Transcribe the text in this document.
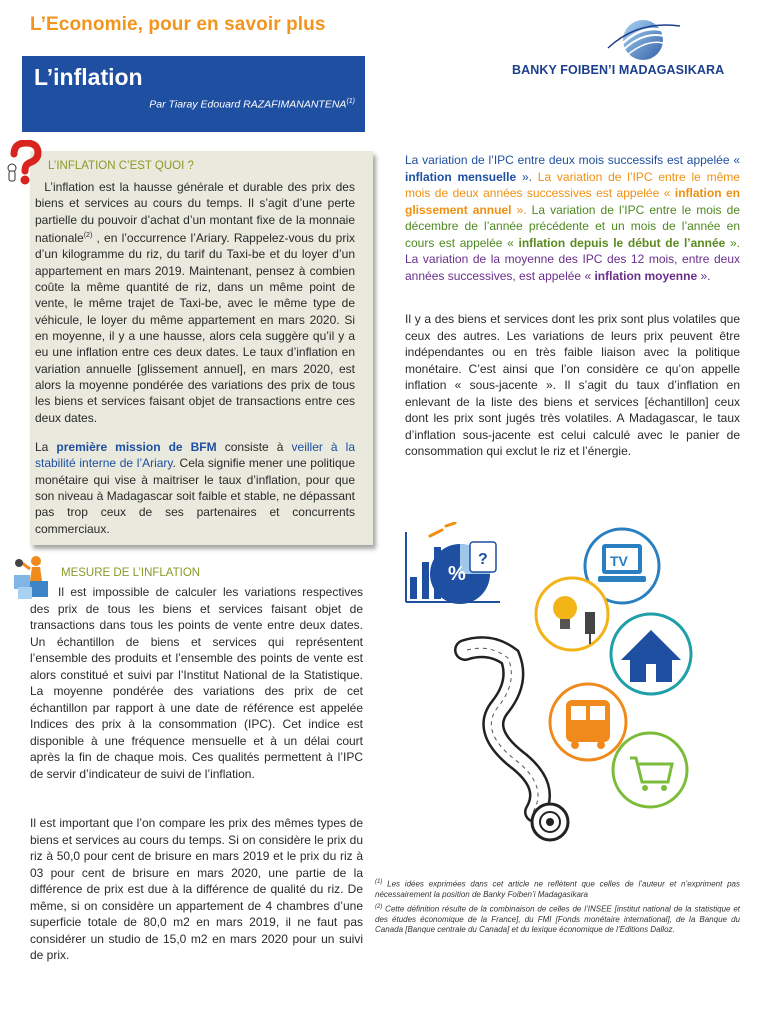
L’Economie, pour en savoir plus
L’inflation
Par Tiaray Edouard RAZAFIMANANTENA$^{(1)}$
BANKY FOIBEN’I MADAGASIKARA
L’INFLATION C’EST QUOI ?
L’inflation est la hausse générale et durable des prix des biens et services au cours du temps. Il s’agit d’une perte partielle du pouvoir d’achat d’un montant fixe de la monnaie nationale$^{(2)}$ , en l’occurrence l’Ariary. Rappelez-vous du prix d’un kilogramme du riz, du tarif du Taxi-be et du loyer d’un appartement en mars 2019. Maintenant, pensez à combien coûte la même quantité de riz, dans un même point de vente, le même trajet de Taxi-be, avec le même type de véhicule, le loyer du même appartement en mars 2020. Si en moyenne, il y a une hausse, alors cela suggère qu’il y a eu une inflation entre ces deux dates. Le taux d’inflation en variation annuelle [glissement annuel], en mars 2020, est alors la moyenne pondérée des variations des prix de tous les biens et services faisant objet de transactions entre ces deux dates.
La première mission de BFM consiste à veiller à la stabilité interne de l’Ariary. Cela signifie mener une politique monétaire qui vise à maitriser le taux d’inflation, pour que son niveau à Madagascar soit faible et stable, ne dépassant pas trop ceux de ses partenaires et concurrents commerciaux.
MESURE DE L’INFLATION
Il est impossible de calculer les variations respectives des prix de tous les biens et services faisant objet de transactions dans tous les points de vente entre deux dates. Un échantillon de biens et services qui représentent l’ensemble des produits et l’ensemble des points de vente est alors constitué et suivi par l’Institut National de la Statistique. La moyenne pondérée des variations des prix de cet échantillon par rapport à une date de référence est appelée Indices des prix à la consommation (IPC). Cet indice est disponible à une fréquence mensuelle et à un délai court après la fin de chaque mois. Ces qualités permettent à l’IPC de servir d’indicateur de suivi de l’inflation.
Il est important que l’on compare les prix des mêmes types de biens et services au cours du temps. Si on considère le prix du riz à 50,0 pour cent de brisure en mars 2019 et le prix du riz à 03 pour cent de brisure en mars 2020, une partie de la différence de prix est due à la différence de qualité du riz. De même, si on considère un appartement de 4 chambres d’une superficie totale de 80,0 m2 en mars 2019, il ne faut pas considérer un studio de 15,0 m2 en mars 2020 pour un suivi de prix.
La variation de l’IPC entre deux mois successifs est appelée « inflation mensuelle ». La variation de l’IPC entre le même mois de deux années successives est appelée « inflation en glissement annuel ». La variation de l’IPC entre le mois de décembre de l’année précédente et un mois de l’année en cours est appelée « inflation depuis le début de l’année ». La variation de la moyenne des IPC des 12 mois, entre deux années successives, est appelée « inflation moyenne ».
Il y a des biens et services dont les prix sont plus volatiles que ceux des autres. Les variations de leurs prix peuvent être indépendantes ou en très faible liaison avec la politique monétaire. C’est ainsi que l’on considère ce qu’on appelle inflation « sous-jacente ». Il s’agit du taux d’inflation en enlevant de la liste des biens et services [échantillon] ceux dont les prix sont jugés très volatiles. A Madagascar, le taux d’inflation sous-jacente est celui calculé avec le panier de consommation qui exclut le riz et l’énergie.
%
?	TV

$^{(1)}$ Les idées exprimées dans cet article ne reflètent que celles de l’auteur et n’expriment pas nécessairement la position de Banky Foiben’i Madagasikara

$^{(2)}$ Cette définition résulte de la combinaison de celles de l’INSEE [institut national de la statistique et des études économique de la France], du FMI [Fonds monétaire international], de la Banque du Canada [Banque centrale du Canada] et du lexique économique de l’Editions Dalloz.
